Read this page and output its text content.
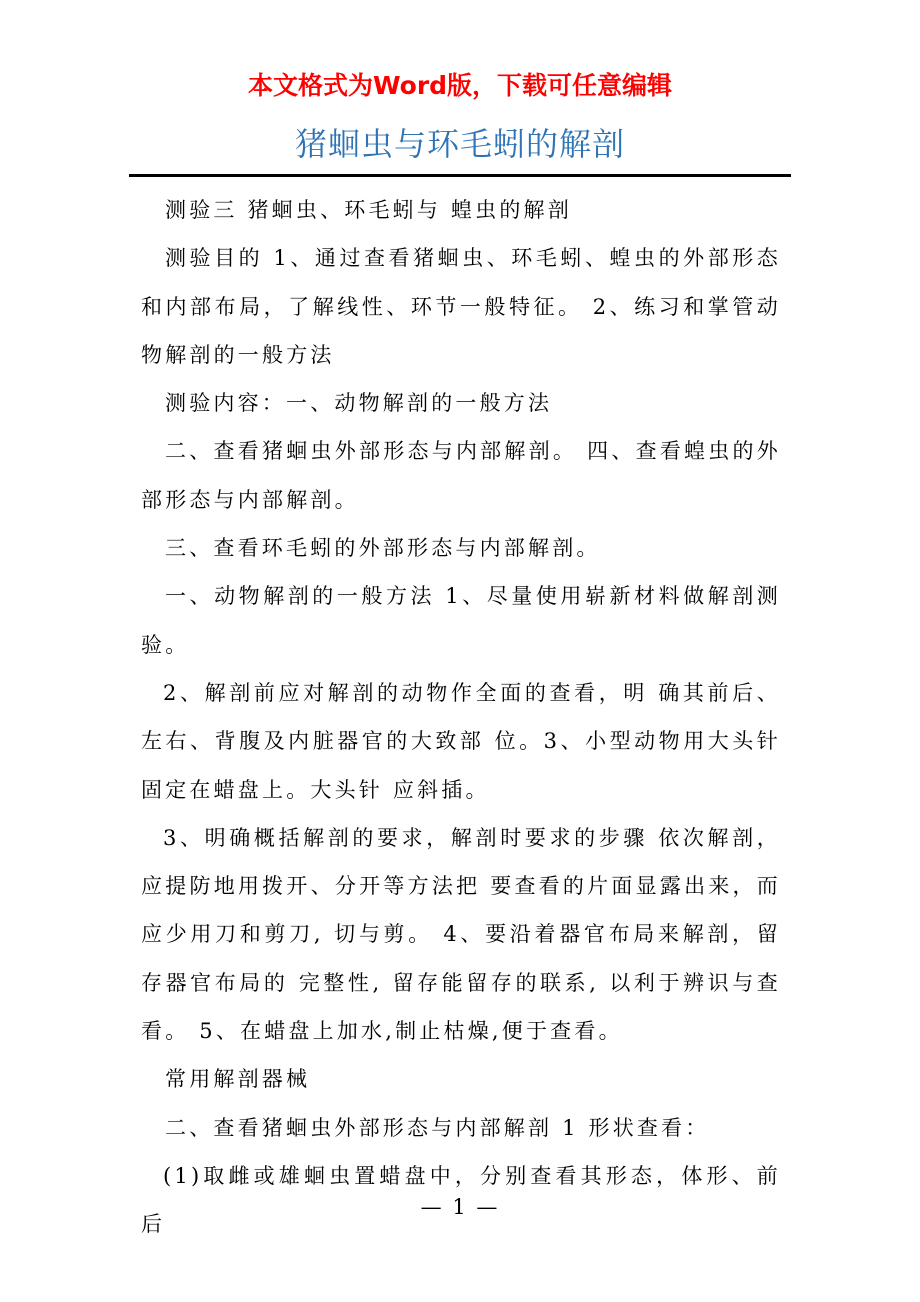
本文格式为Word版，下载可任意编辑
猪蛔虫与环毛蚓的解剖

测验三 猪蛔虫、环毛蚓与 蝗虫的解剖

测验目的 1、通过查看猪蛔虫、环毛蚓、蝗虫的外部形态和内部布局，了解线性、环节一般特征。 2、练习和掌管动物解剖的一般方法

测验内容：一、动物解剖的一般方法

二、查看猪蛔虫外部形态与内部解剖。 四、查看蝗虫的外部形态与内部解剖。

三、查看环毛蚓的外部形态与内部解剖。

一、动物解剖的一般方法 1、尽量使用崭新材料做解剖测验。

2、解剖前应对解剖的动物作全面的查看，明 确其前后、左右、背腹及内脏器官的大致部 位。3、小型动物用大头针固定在蜡盘上。大头针 应斜插。

3、明确概括解剖的要求，解剖时要求的步骤 依次解剖，应提防地用拨开、分开等方法把 要查看的片面显露出来，而应少用刀和剪刀, 切与剪。 4、要沿着器官布局来解剖，留存器官布局的 完整性, 留存能留存的联系, 以利于辨识与查看。 5、在蜡盘上加水,制止枯燥,便于查看。

常用解剖器械

二、查看猪蛔虫外部形态与内部解剖 1 形状查看：

(1)取雌或雄蛔虫置蜡盘中，分别查看其形态，体形、前后

— 1 —
